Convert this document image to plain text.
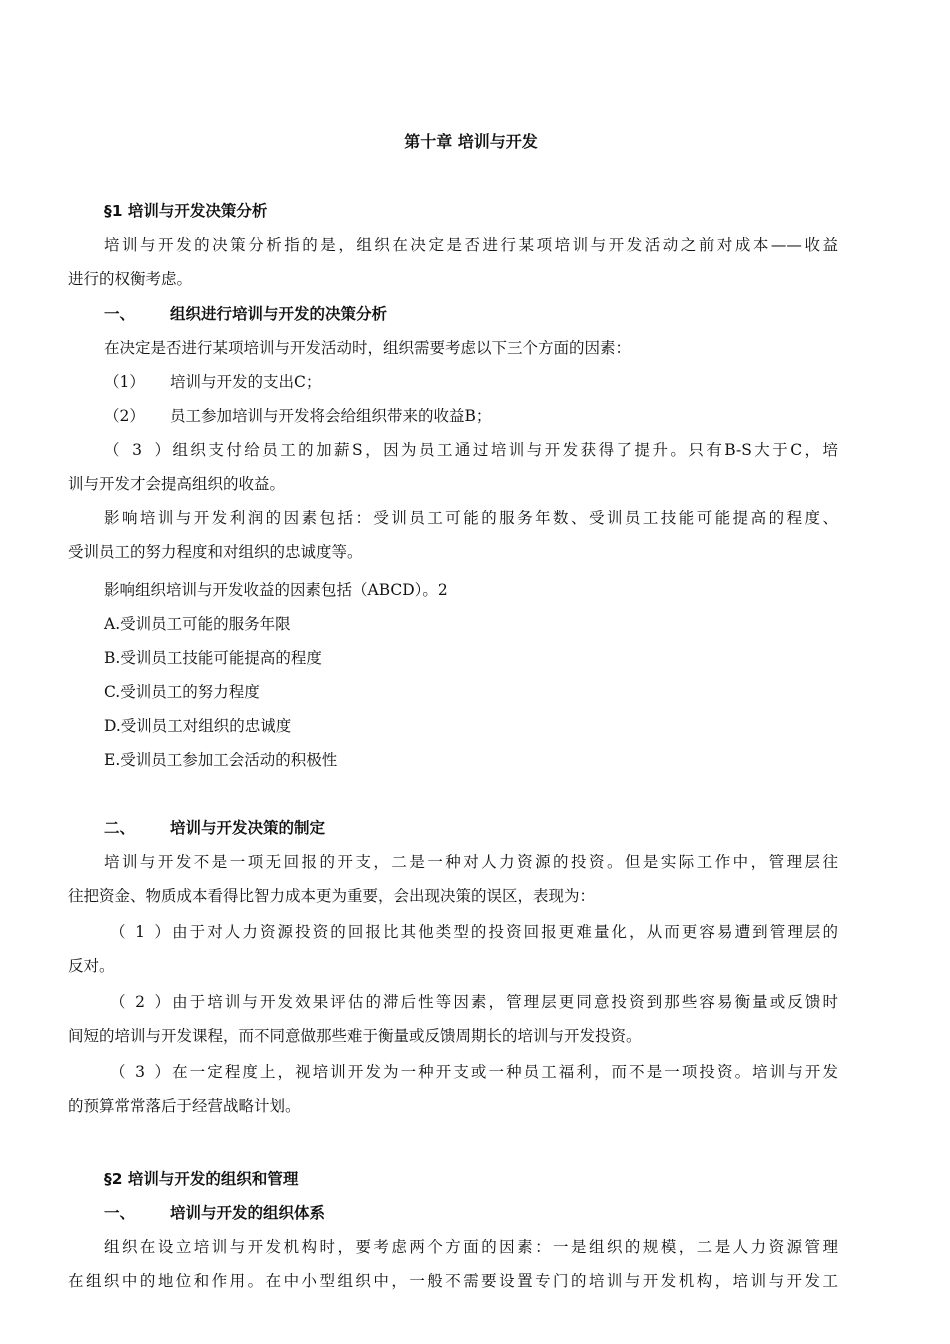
第十章 培训与开发
§1 培训与开发决策分析
培训与开发的决策分析指的是，组织在决定是否进行某项培训与开发活动之前对成本——收益
进行的权衡考虑。
一、 组织进行培训与开发的决策分析
在决定是否进行某项培训与开发活动时，组织需要考虑以下三个方面的因素：
（1） 培训与开发的支出C；
（2） 员工参加培训与开发将会给组织带来的收益B；
（3）组织支付给员工的加薪S，因为员工通过培训与开发获得了提升。只有B-S大于C，培
训与开发才会提高组织的收益。
影响培训与开发利润的因素包括：受训员工可能的服务年数、受训员工技能可能提高的程度、
受训员工的努力程度和对组织的忠诚度等。
影响组织培训与开发收益的因素包括（ABCD）。2
A.受训员工可能的服务年限
B.受训员工技能可能提高的程度
C.受训员工的努力程度
D.受训员工对组织的忠诚度
E.受训员工参加工会活动的积极性
二、 培训与开发决策的制定
培训与开发不是一项无回报的开支，二是一种对人力资源的投资。但是实际工作中，管理层往
往把资金、物质成本看得比智力成本更为重要，会出现决策的误区，表现为：
（1）由于对人力资源投资的回报比其他类型的投资回报更难量化，从而更容易遭到管理层的
反对。
（2）由于培训与开发效果评估的滞后性等因素，管理层更同意投资到那些容易衡量或反馈时
间短的培训与开发课程，而不同意做那些难于衡量或反馈周期长的培训与开发投资。
（3）在一定程度上，视培训开发为一种开支或一种员工福利，而不是一项投资。培训与开发
的预算常常落后于经营战略计划。
§2 培训与开发的组织和管理
一、 培训与开发的组织体系
组织在设立培训与开发机构时，要考虑两个方面的因素：一是组织的规模，二是人力资源管理
在组织中的地位和作用。在中小型组织中，一般不需要设置专门的培训与开发机构，培训与开发工
